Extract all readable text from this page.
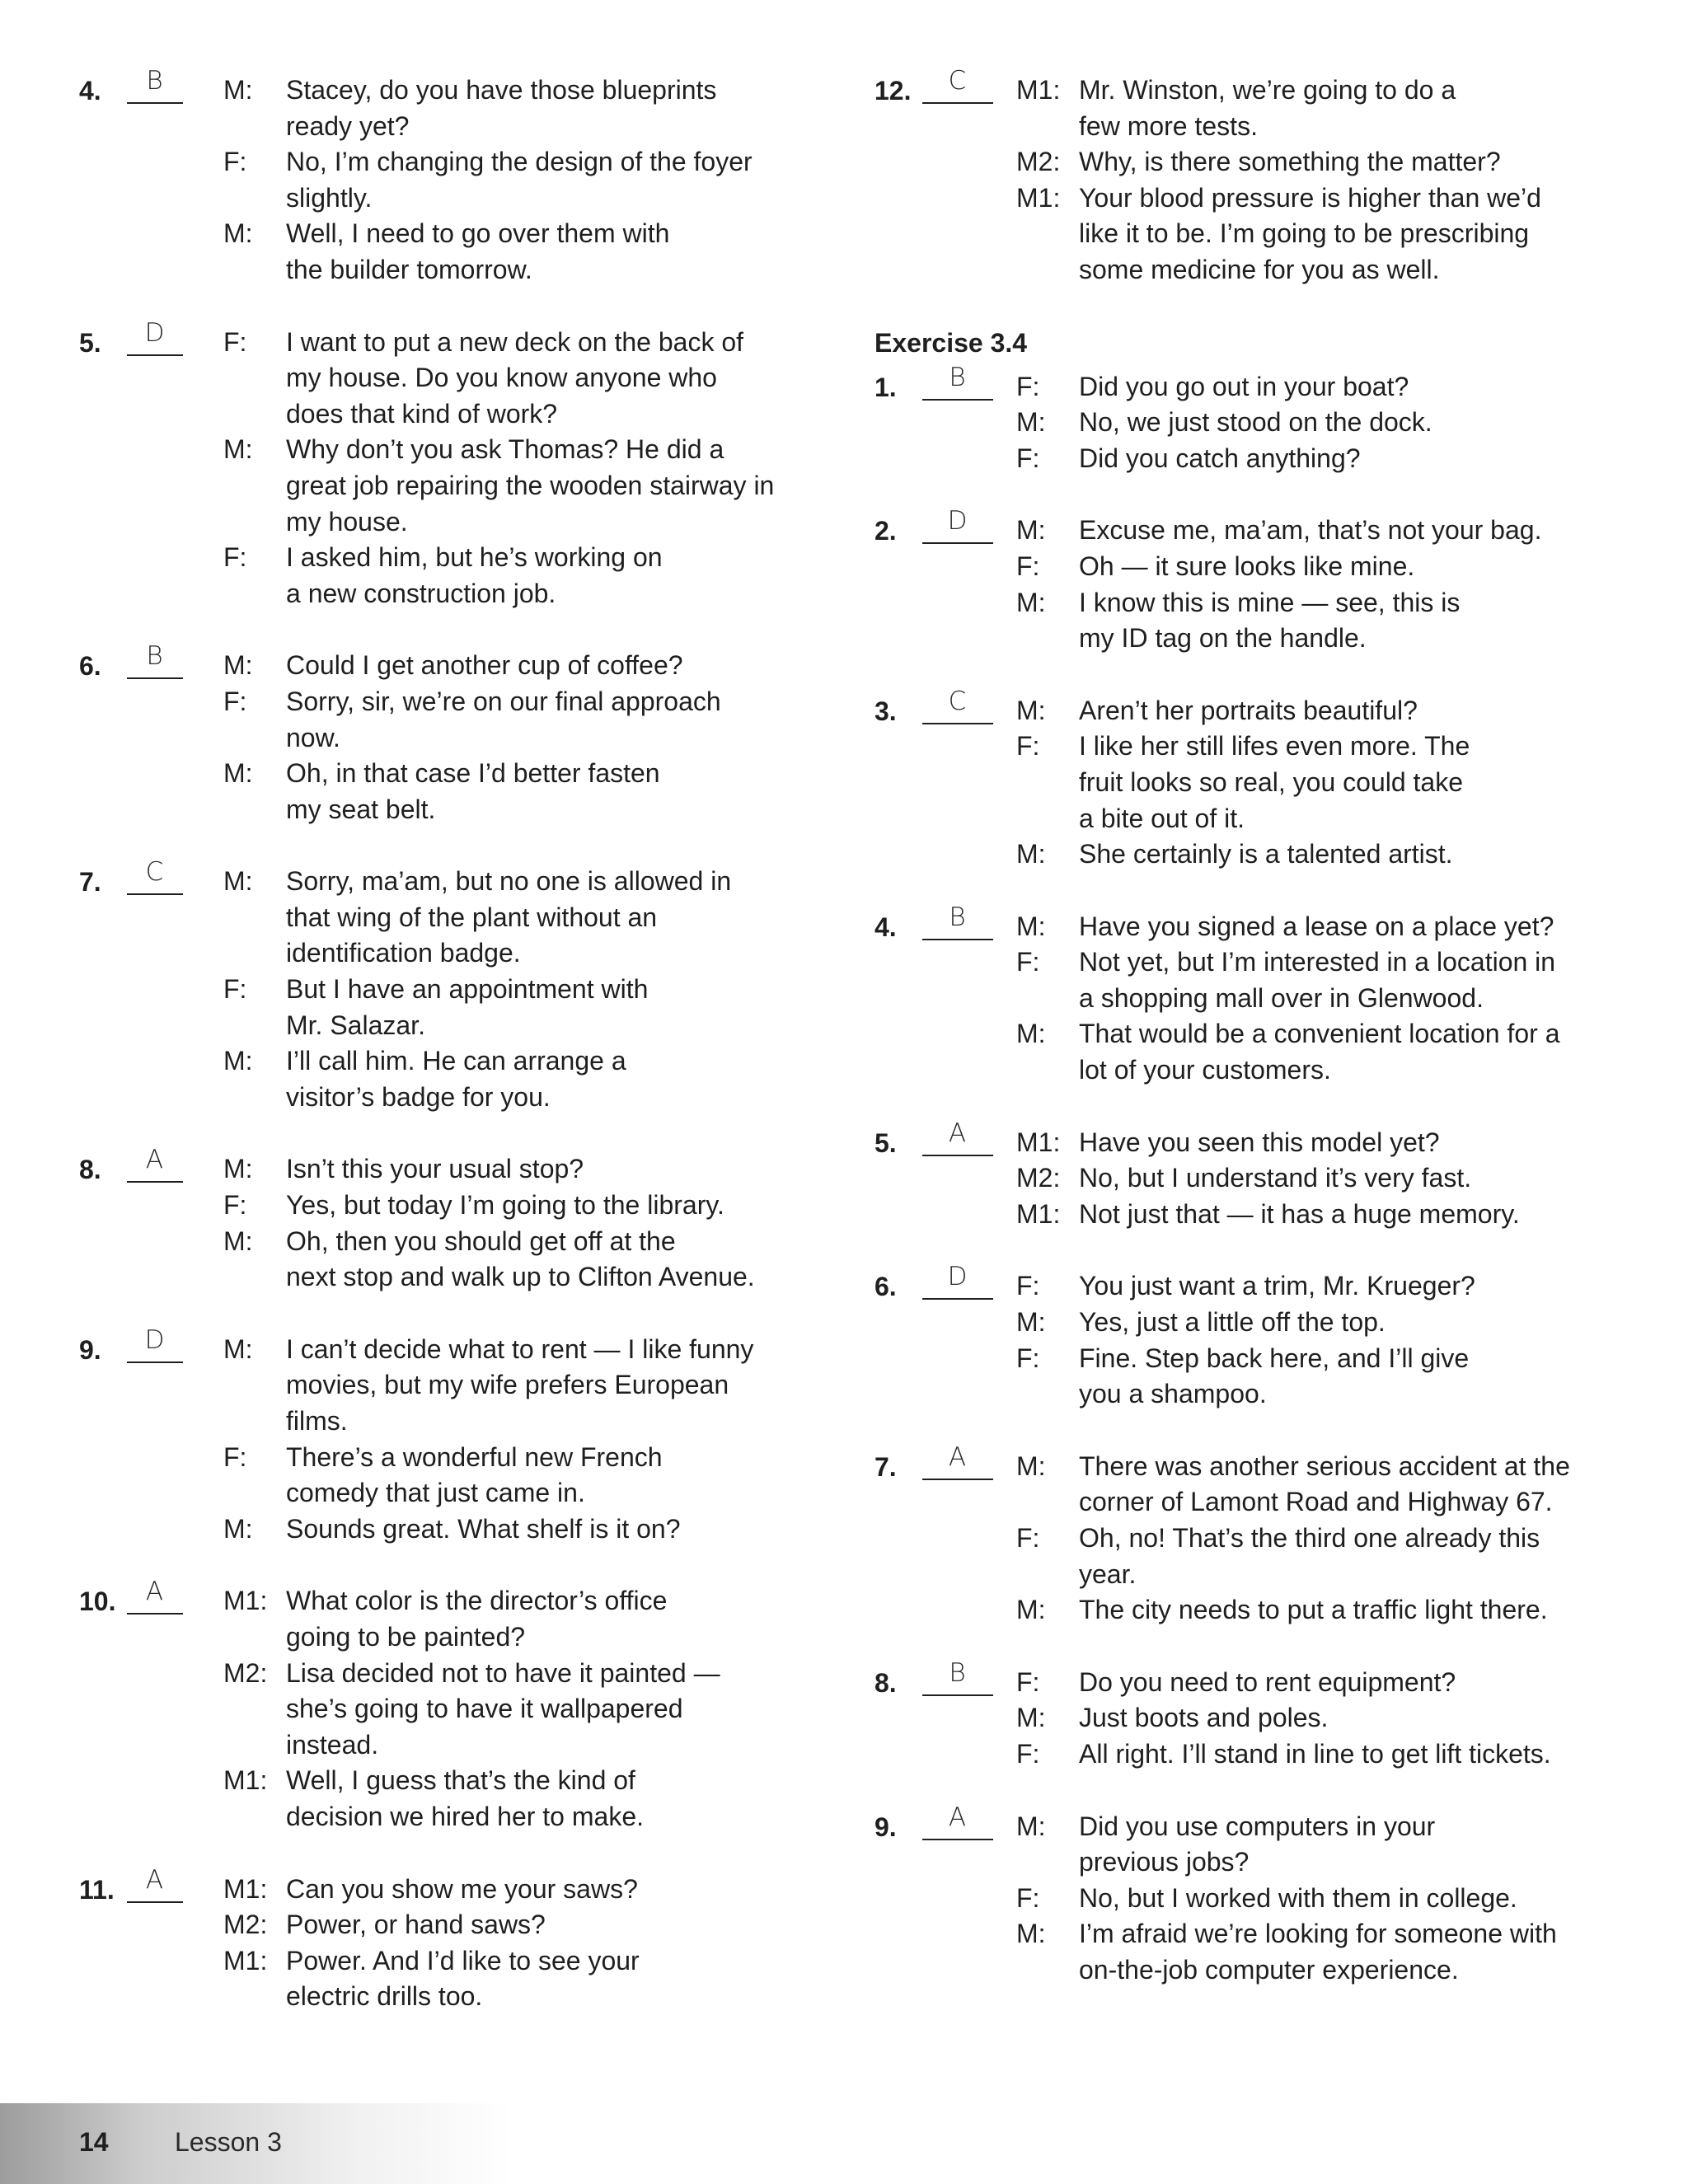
4.	B	M:	Stacey, do you have those blueprints
ready yet?
F:	No, I’m changing the design of the foyer
slightly.
M:	Well, I need to go over them with
the builder tomorrow.
5.	D	F:	I want to put a new deck on the back of
my house. Do you know anyone who
does that kind of work?
M:	Why don’t you ask Thomas? He did a
great job repairing the wooden stairway in
my house.
F:	I asked him, but he’s working on
a new construction job.
6.	B	M:	Could I get another cup of coffee?
F:	Sorry, sir, we’re on our final approach
now.
M:	Oh, in that case I’d better fasten
my seat belt.
7.	C	M:	Sorry, ma’am, but no one is allowed in
that wing of the plant without an
identification badge.
F:	But I have an appointment with
Mr. Salazar.
M:	I’ll call him. He can arrange a
visitor’s badge for you.
8.	A	M:	Isn’t this your usual stop?
F:	Yes, but today I’m going to the library.
M:	Oh, then you should get off at the
next stop and walk up to Clifton Avenue.
9.	D	M:	I can’t decide what to rent — I like funny
movies, but my wife prefers European
films.
F:	There’s a wonderful new French
comedy that just came in.
M:	Sounds great. What shelf is it on?
10.	A	M1: What color is the director’s office
going to be painted?
M2: Lisa decided not to have it painted —
she’s going to have it wallpapered
instead.
M1: Well, I guess that’s the kind of
decision we hired her to make.
11.	A	M1: Can you show me your saws?
M2: Power, or hand saws?
M1: Power. And I’d like to see your
electric drills too.
12.	C	M1: Mr. Winston, we’re going to do a
few more tests.
M2: Why, is there something the matter?
M1: Your blood pressure is higher than we’d
like it to be. I’m going to be prescribing
some medicine for you as well.
Exercise 3.4
1.	B	F:	Did you go out in your boat?
M:	No, we just stood on the dock.
F:	Did you catch anything?
2.	D	M:	Excuse me, ma’am, that’s not your bag.
F:	Oh — it sure looks like mine.
M:	I know this is mine — see, this is
my ID tag on the handle.
3.	C	M:	Aren’t her portraits beautiful?
F:	I like her still lifes even more. The
fruit looks so real, you could take
a bite out of it.
M:	She certainly is a talented artist.
4.	B	M:	Have you signed a lease on a place yet?
F:	Not yet, but I’m interested in a location in
a shopping mall over in Glenwood.
M:	That would be a convenient location for a
lot of your customers.
5.	A	M1: Have you seen this model yet?
M2: No, but I understand it’s very fast.
M1: Not just that — it has a huge memory.
6.	D	F:	You just want a trim, Mr. Krueger?
M:	Yes, just a little off the top.
F:	Fine. Step back here, and I’ll give
you a shampoo.
7.	A	M:	There was another serious accident at the
corner of Lamont Road and Highway 67.
F:	Oh, no! That’s the third one already this
year.
M:	The city needs to put a traffic light there.
8.	B	F:	Do you need to rent equipment?
M:	Just boots and poles.
F:	All right. I’ll stand in line to get lift tickets.
9.	A	M:	Did you use computers in your
previous jobs?
F:	No, but I worked with them in college.
M:	I’m afraid we’re looking for someone with
on-the-job computer experience.
14	Lesson 3
